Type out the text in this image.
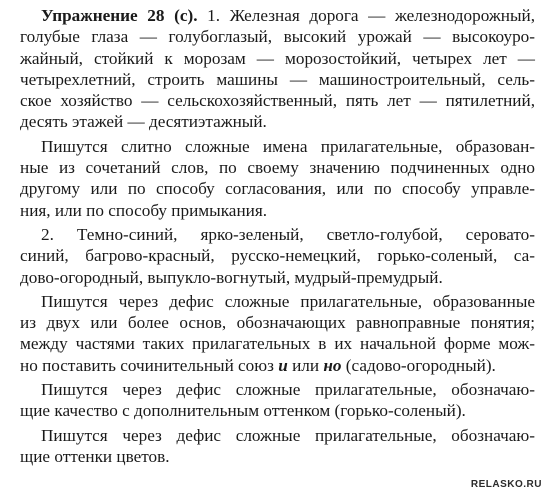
Упражнение 28 (с). 1. Железная дорога — железнодорожный,
голубые глаза — голубоглазый, высокий урожай — высокоуро-
жайный, стойкий к морозам — морозостойкий, четырех лет —
четырехлетний, строить машины — машиностроительный, сель-
ское хозяйство — сельскохозяйственный, пять лет — пятилетний,
десять этажей — десятиэтажный.
Пишутся слитно сложные имена прилагательные, образован-
ные из сочетаний слов, по своему значению подчиненных одно
другому или по способу согласования, или по способу управле-
ния, или по способу примыкания.
2. Темно-синий, ярко-зеленый, светло-голубой, серовато-
синий, багрово-красный, русско-немецкий, горько-соленый, са-
дово-огородный, выпукло-вогнутый, мудрый-премудрый.
Пишутся через дефис сложные прилагательные, образованные
из двух или более основ, обозначающих равноправные понятия;
между частями таких прилагательных в их начальной форме мож-
но поставить сочинительный союз и или но (садово-огородный).
Пишутся через дефис сложные прилагательные, обозначаю-
щие качество с дополнительным оттенком (горько-соленый).
Пишутся через дефис сложные прилагательные, обозначаю-
щие оттенки цветов.
RELASKO.RU
